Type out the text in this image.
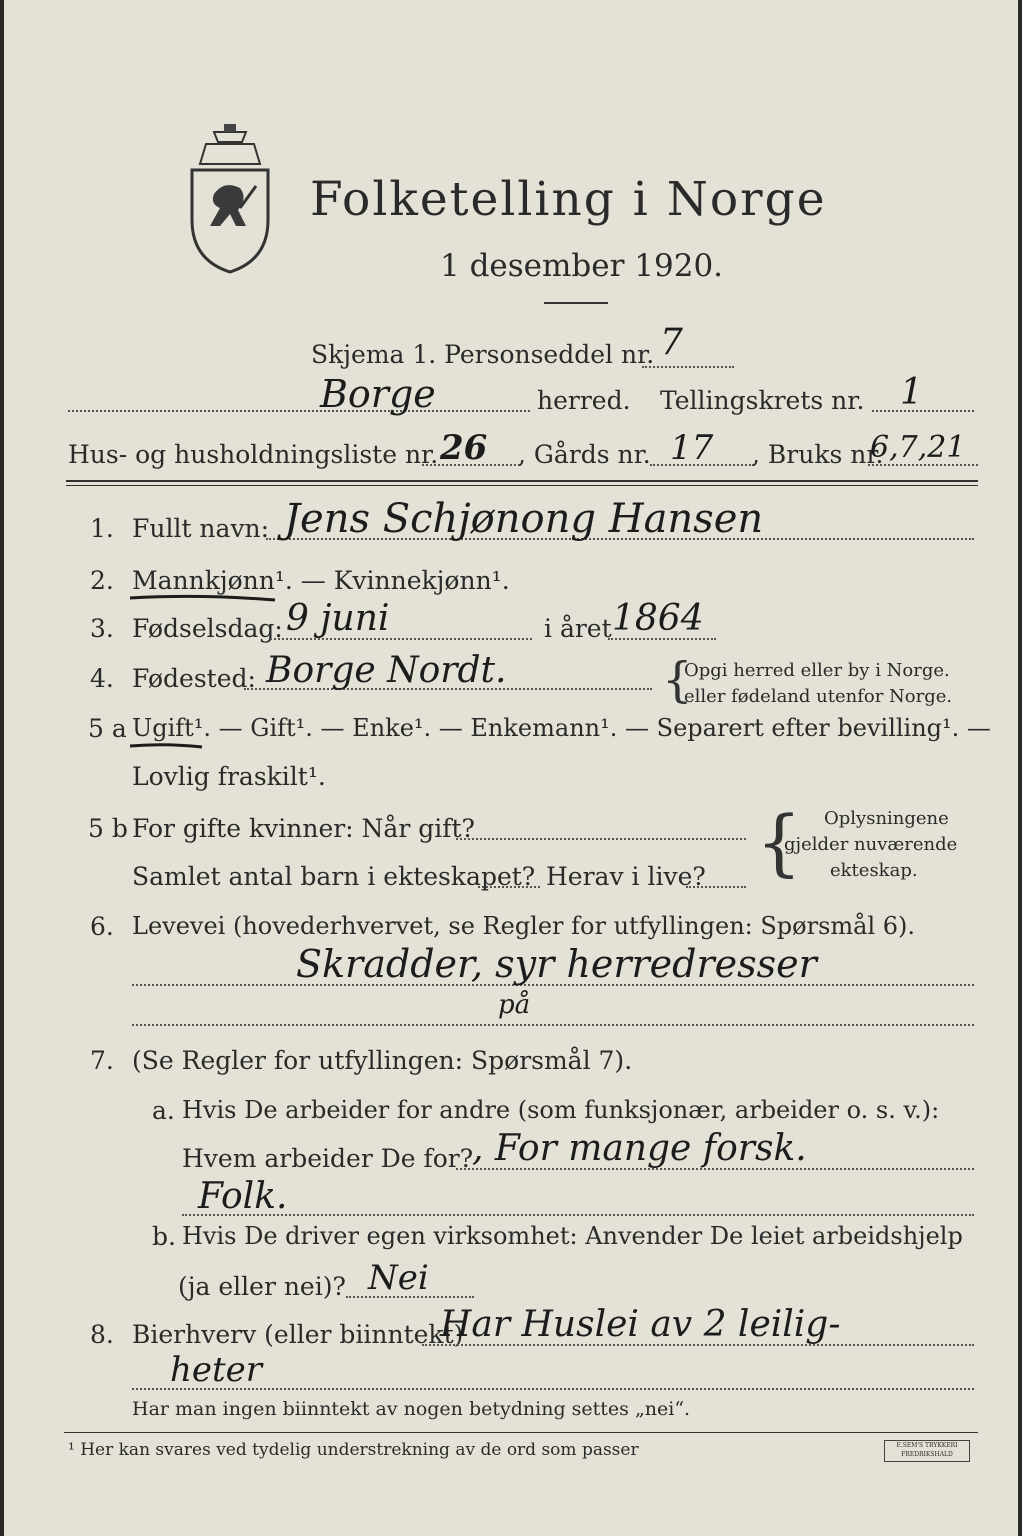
Folketelling i Norge
1 desember 1920.
Skjema 1. Personseddel nr. 7
Borge	herred. Tellingskrets nr. 1
Hus- og husholdningsliste nr. 26 , Gårds nr. 17 , Bruks nr.
6,7,21
1. Fullt navn: Jens Schjønong Hansen
2. Mannkjønn¹. — Kvinnekjønn¹.
3. Fødselsdag: 9 juni	i året 1864
4. Fødested: Borge Nordt.	{
Opgi herred eller by i Norge.
eller fødeland utenfor Norge.
5 a Ugift¹. — Gift¹. — Enke¹. — Enkemann¹. — Separert efter bevilling¹. —
Lovlig fraskilt¹.
5 b For gifte kvinner: Når gift?
Samlet antal barn i ekteskapet? Herav i live? { Oplysningene
gjelder nuværende
ekteskap.
6. Levevei (hovederhvervet, se Regler for utfyllingen: Spørsmål 6).
Skradder, syr herredresser
på
7. (Se Regler for utfyllingen: Spørsmål 7).
a. Hvis De arbeider for andre (som funksjonær, arbeider o. s. v.):
Hvem arbeider De for?
, For mange forsk.
Folk.
b. Hvis De driver egen virksomhet: Anvender De leiet arbeidshjelp
(ja eller nei)? Nei
8. Bierhverv (eller biinntekt)
Har Huslei av 2 leilig-
heter
Har man ingen biinntekt av nogen betydning settes „nei“.
¹ Her kan svares ved tydelig understrekning av de ord som passer	E.SEM'S TRYKKERI FREDRIKSHALD
